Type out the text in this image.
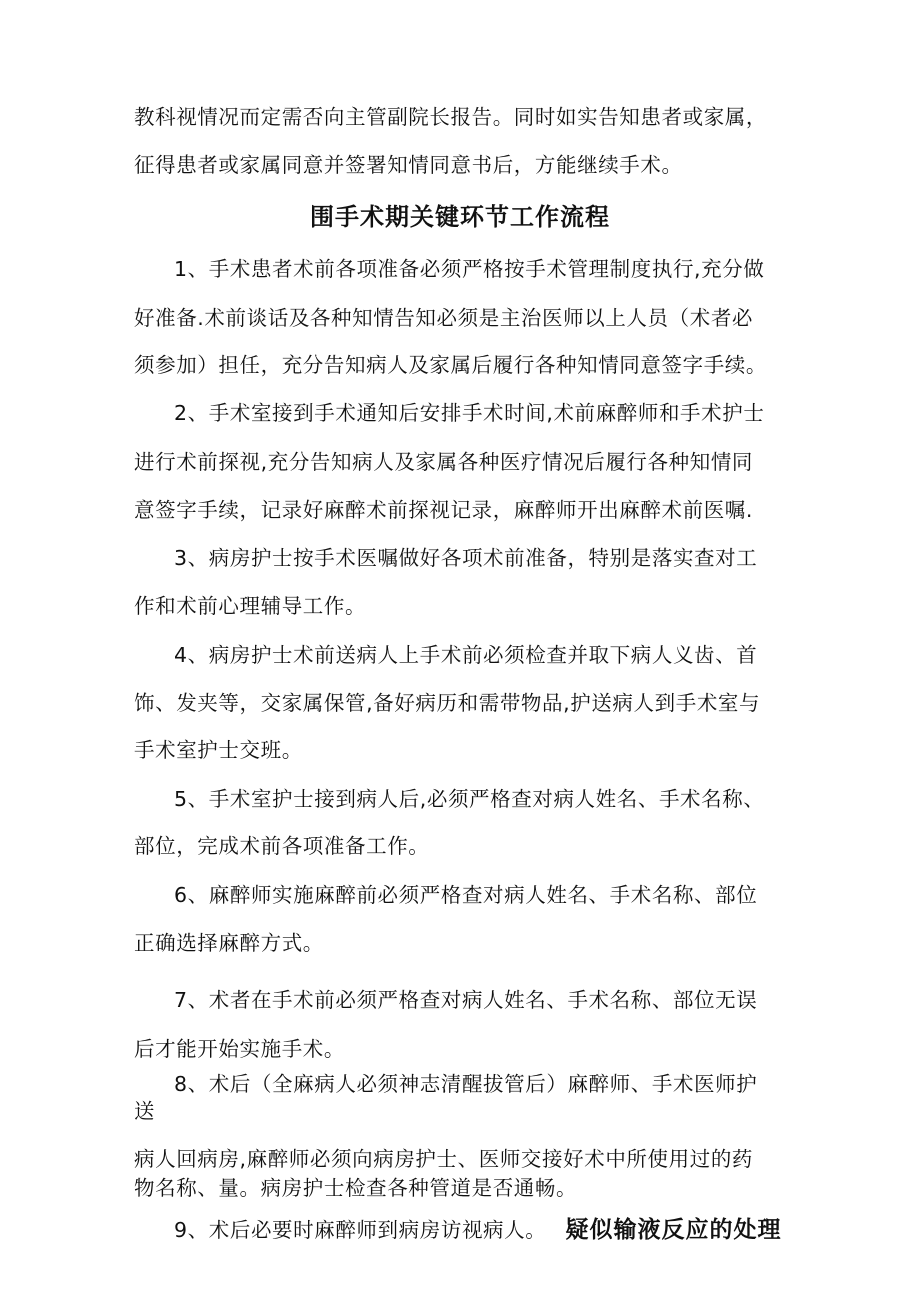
教科视情况而定需否向主管副院长报告。同时如实告知患者或家属，
征得患者或家属同意并签署知情同意书后，方能继续手术。
围手术期关键环节工作流程
1、手术患者术前各项准备必须严格按手术管理制度执行,充分做
好准备.术前谈话及各种知情告知必须是主治医师以上人员（术者必
须参加）担任，充分告知病人及家属后履行各种知情同意签字手续。
2、手术室接到手术通知后安排手术时间,术前麻醉师和手术护士
进行术前探视,充分告知病人及家属各种医疗情况后履行各种知情同
意签字手续，记录好麻醉术前探视记录，麻醉师开出麻醉术前医嘱.
3、病房护士按手术医嘱做好各项术前准备，特别是落实查对工
作和术前心理辅导工作。
4、病房护士术前送病人上手术前必须检查并取下病人义齿、首
饰、发夹等，交家属保管,备好病历和需带物品,护送病人到手术室与
手术室护士交班。
5、手术室护士接到病人后,必须严格查对病人姓名、手术名称、
部位，完成术前各项准备工作。
6、麻醉师实施麻醉前必须严格查对病人姓名、手术名称、部位
正确选择麻醉方式。
7、术者在手术前必须严格查对病人姓名、手术名称、部位无误
后才能开始实施手术。
8、术后（全麻病人必须神志清醒拔管后）麻醉师、手术医师护
送
病人回病房,麻醉师必须向病房护士、医师交接好术中所使用过的药
物名称、量。病房护士检查各种管道是否通畅。
9、术后必要时麻醉师到病房访视病人。 疑似输液反应的处理
